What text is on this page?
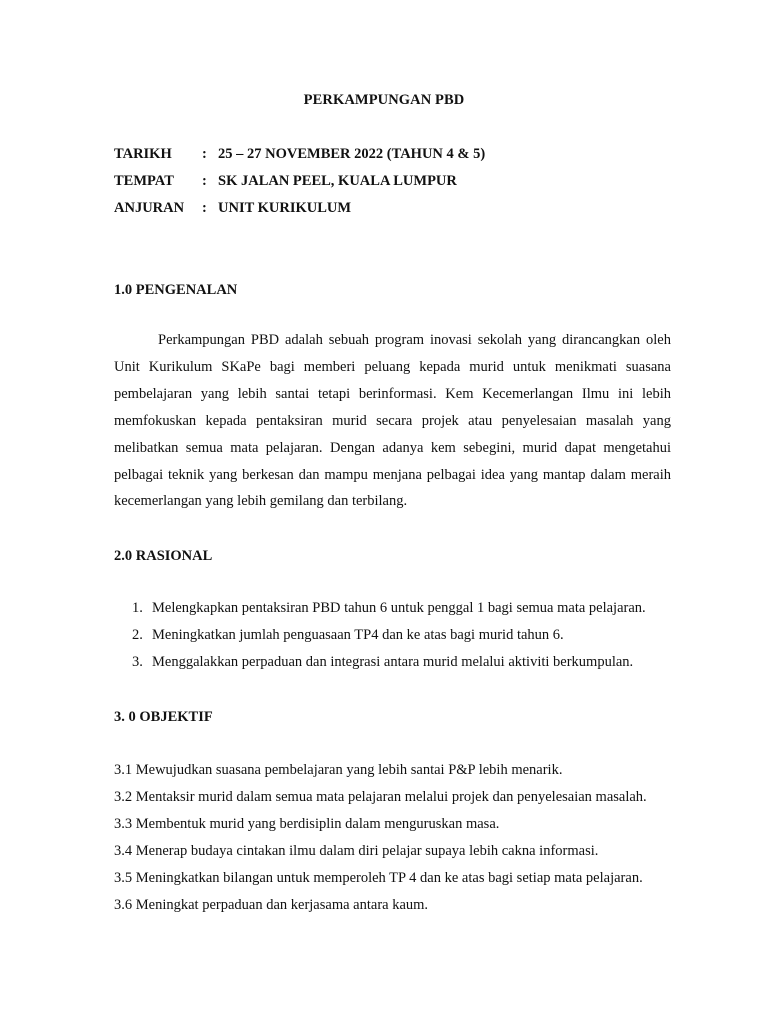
PERKAMPUNGAN PBD
TARIKH : 25 – 27 NOVEMBER 2022 (TAHUN 4 & 5)
TEMPAT : SK JALAN PEEL, KUALA LUMPUR
ANJURAN : UNIT KURIKULUM
1.0 PENGENALAN

Perkampungan PBD adalah sebuah program inovasi sekolah yang dirancangkan oleh Unit Kurikulum SKaPe bagi memberi peluang kepada murid untuk menikmati suasana pembelajaran yang lebih santai tetapi berinformasi. Kem Kecemerlangan Ilmu ini lebih memfokuskan kepada pentaksiran murid secara projek atau penyelesaian masalah yang melibatkan semua mata pelajaran. Dengan adanya kem sebegini, murid dapat mengetahui pelbagai teknik yang berkesan dan mampu menjana pelbagai idea yang mantap dalam meraih kecemerlangan yang lebih gemilang dan terbilang.

2.0 RASIONAL
1. Melengkapkan pentaksiran PBD tahun 6 untuk penggal 1 bagi semua mata pelajaran.
2. Meningkatkan jumlah penguasaan TP4 dan ke atas bagi murid tahun 6.
3. Menggalakkan perpaduan dan integrasi antara murid melalui aktiviti berkumpulan.
3. 0 OBJEKTIF
3.1 Mewujudkan suasana pembelajaran yang lebih santai P&P lebih menarik.
3.2 Mentaksir murid dalam semua mata pelajaran melalui projek dan penyelesaian masalah.
3.3 Membentuk murid yang berdisiplin dalam menguruskan masa.
3.4 Menerap budaya cintakan ilmu dalam diri pelajar supaya lebih cakna informasi.
3.5 Meningkatkan bilangan untuk memperoleh TP 4 dan ke atas bagi setiap mata pelajaran.
3.6 Meningkat perpaduan dan kerjasama antara kaum.
